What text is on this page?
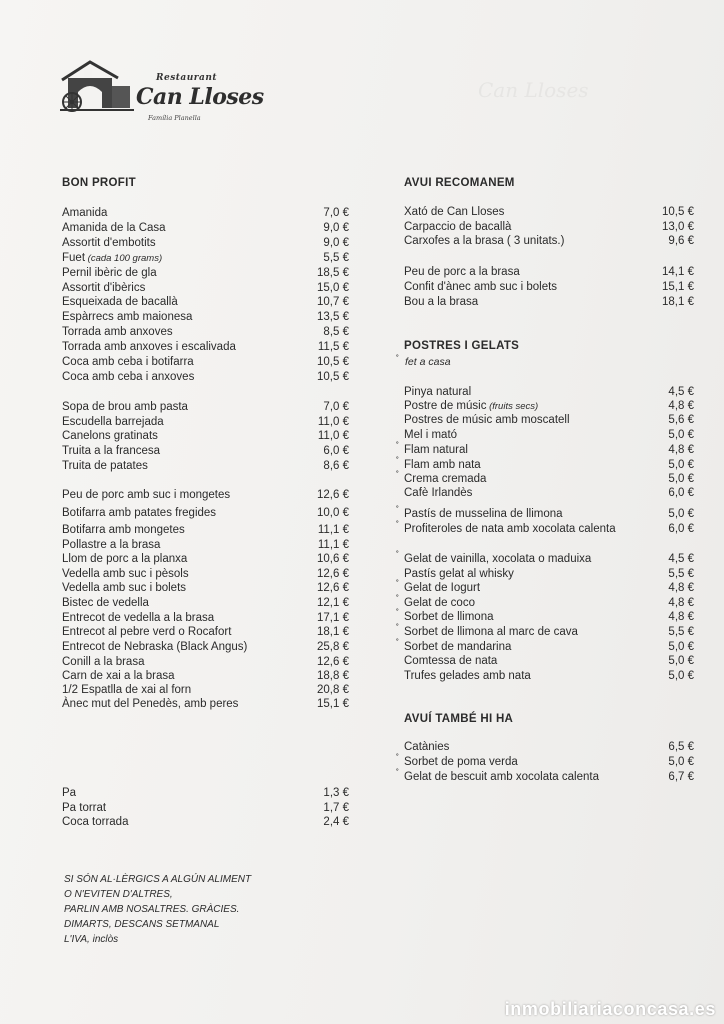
Restaurant
Can Lloses
Família Planella
Can Lloses
BON PROFIT
Amanida	7,0 €
Amanida de la Casa	9,0 €
Assortit d'embotits	9,0 €
Fuet (cada 100 grams)	5,5 €
Pernil ibèric de gla	18,5 €
Assortit d'ibèrics	15,0 €
Esqueixada de bacallà	10,7 €
Espàrrecs amb maionesa	13,5 €
Torrada amb anxoves	8,5 €
Torrada amb anxoves i escalivada	11,5 €
Coca amb ceba i botifarra	10,5 €
Coca amb ceba i anxoves	10,5 €
Sopa de brou amb pasta	7,0 €
Escudella barrejada	11,0 €
Canelons gratinats	11,0 €
Truita a la francesa	6,0 €
Truita de patates	8,6 €
Peu de porc amb suc i mongetes	12,6 €
Botifarra amb patates fregides	10,0 €
Botifarra amb mongetes	11,1 €
Pollastre a la brasa	11,1 €
Llom de porc a la planxa	10,6 €
Vedella amb suc i pèsols	12,6 €
Vedella amb suc i bolets	12,6 €
Bistec de vedella	12,1 €
Entrecot de vedella a la brasa	17,1 €
Entrecot al pebre verd o Rocafort	18,1 €
Entrecot de Nebraska (Black Angus)	25,8 €
Conill a la brasa	12,6 €
Carn de xai a la brasa	18,8 €
1/2 Espatlla de xai al forn	20,8 €
Ànec mut del Penedès, amb peres	15,1 €
Pa	1,3 €
Pa torrat	1,7 €
Coca torrada	2,4 €
AVUI RECOMANEM
POSTRES I GELATS
˚ fet a casa
AVUÍ TAMBÉ HI HA
Xató de Can Lloses	10,5 €
Carpaccio de bacallà	13,0 €
Carxofes a la brasa ( 3 unitats.)	9,6 €
Peu de porc a la brasa	14,1 €
Confit d'ànec amb suc i bolets	15,1 €
Bou a la brasa	18,1 €
Pinya natural	4,5 €
Postre de músic (fruits secs)	4,8 €
Postres de músic amb moscatell	5,6 €
Mel i mató	5,0 €
Flam natural	4,8 €
˚
Flam amb nata	5,0 €
˚
Crema cremada	5,0 €
˚
Cafè Irlandès	6,0 €
Pastís de musselina de llimona	5,0 €
˚
Profiteroles de nata amb xocolata calenta	6,0 €
˚
Gelat de vainilla, xocolata o maduixa	4,5 €
˚
Pastís gelat al whisky	5,5 €
Gelat de Iogurt	4,8 €
˚
Gelat de coco	4,8 €
˚
Sorbet de llimona	4,8 €
˚
Sorbet de llimona al marc de cava	5,5 €
˚
Sorbet de mandarina	5,0 €
˚
Comtessa de nata	5,0 €
Trufes gelades amb nata	5,0 €
Catànies	6,5 €
Sorbet de poma verda	5,0 €
˚
Gelat de bescuit amb xocolata calenta	6,7 €
˚
SI SÓN AL·LÈRGICS A ALGÚN ALIMENT
O N'EVITEN D'ALTRES,
PARLIN AMB NOSALTRES. GRÀCIES.
DIMARTS, DESCANS SETMANAL
L'IVA, inclòs
inmobiliariaconcasa.es
